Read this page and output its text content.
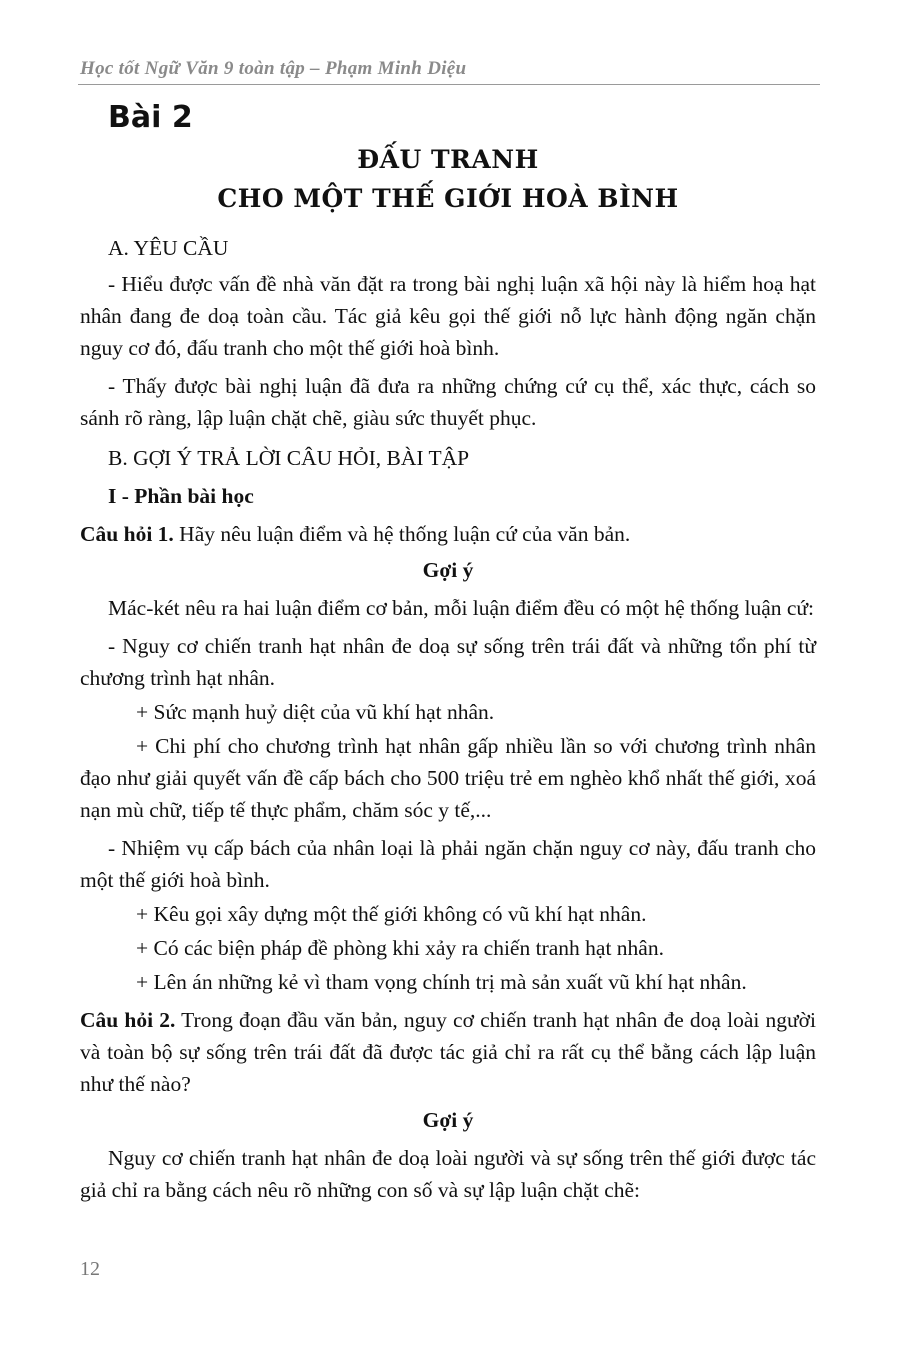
Học tốt Ngữ Văn 9 toàn tập – Phạm Minh Diệu
Bài 2
ĐẤU TRANH
CHO MỘT THẾ GIỚI HOÀ BÌNH

A. YÊU CẦU

- Hiểu được vấn đề nhà văn đặt ra trong bài nghị luận xã hội này là hiểm hoạ hạt nhân đang đe doạ toàn cầu. Tác giả kêu gọi thế giới nỗ lực hành động ngăn chặn nguy cơ đó, đấu tranh cho một thế giới hoà bình.

- Thấy được bài nghị luận đã đưa ra những chứng cứ cụ thể, xác thực, cách so sánh rõ ràng, lập luận chặt chẽ, giàu sức thuyết phục.

B. GỢI Ý TRẢ LỜI CÂU HỎI, BÀI TẬP

I - Phần bài học

Câu hỏi 1. Hãy nêu luận điểm và hệ thống luận cứ của văn bản.

Gợi ý

Mác-két nêu ra hai luận điểm cơ bản, mỗi luận điểm đều có một hệ thống luận cứ:

- Nguy cơ chiến tranh hạt nhân đe doạ sự sống trên trái đất và những tổn phí từ chương trình hạt nhân.

+ Sức mạnh huỷ diệt của vũ khí hạt nhân.

+ Chi phí cho chương trình hạt nhân gấp nhiều lần so với chương trình nhân đạo như giải quyết vấn đề cấp bách cho 500 triệu trẻ em nghèo khổ nhất thế giới, xoá nạn mù chữ, tiếp tế thực phẩm, chăm sóc y tế,...

- Nhiệm vụ cấp bách của nhân loại là phải ngăn chặn nguy cơ này, đấu tranh cho một thế giới hoà bình.

+ Kêu gọi xây dựng một thế giới không có vũ khí hạt nhân.

+ Có các biện pháp đề phòng khi xảy ra chiến tranh hạt nhân.

+ Lên án những kẻ vì tham vọng chính trị mà sản xuất vũ khí hạt nhân.

Câu hỏi 2. Trong đoạn đầu văn bản, nguy cơ chiến tranh hạt nhân đe doạ loài người và toàn bộ sự sống trên trái đất đã được tác giả chỉ ra rất cụ thể bằng cách lập luận như thế nào?

Gợi ý

Nguy cơ chiến tranh hạt nhân đe doạ loài người và sự sống trên thế giới được tác giả chỉ ra bằng cách nêu rõ những con số và sự lập luận chặt chẽ:

12
